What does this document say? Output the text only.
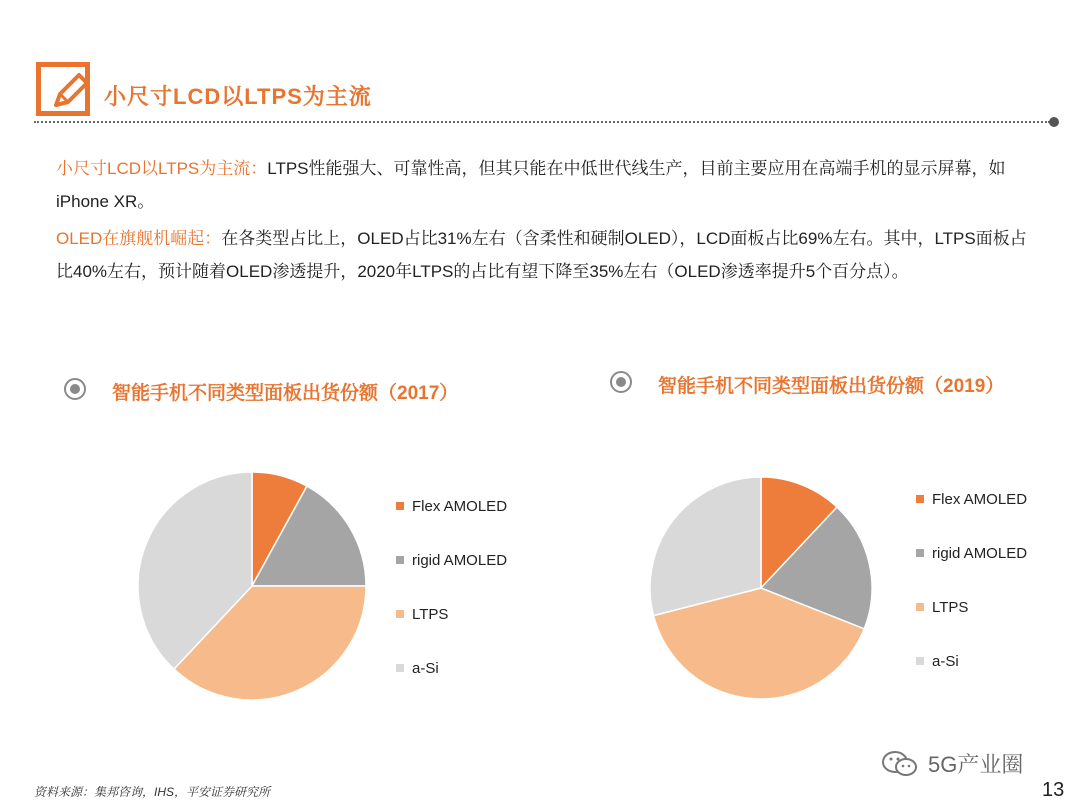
小尺寸LCD以LTPS为主流
小尺寸LCD以LTPS为主流：LTPS性能强大、可靠性高，但其只能在中低世代线生产，目前主要应用在高端手机的显示屏幕，如iPhone XR。
OLED在旗舰机崛起：在各类型占比上，OLED占比31%左右（含柔性和硬制OLED），LCD面板占比69%左右。其中，LTPS面板占比40%左右，预计随着OLED渗透提升，2020年LTPS的占比有望下降至35%左右（OLED渗透率提升5个百分点）。
智能手机不同类型面板出货份额（2017）
Flex AMOLED
rigid AMOLED
LTPS
a-Si
智能手机不同类型面板出货份额（2019）
Flex AMOLED
rigid AMOLED
LTPS
a-Si
资料来源：集邦咨询，IHS，平安证券研究所
5G产业圈
13
